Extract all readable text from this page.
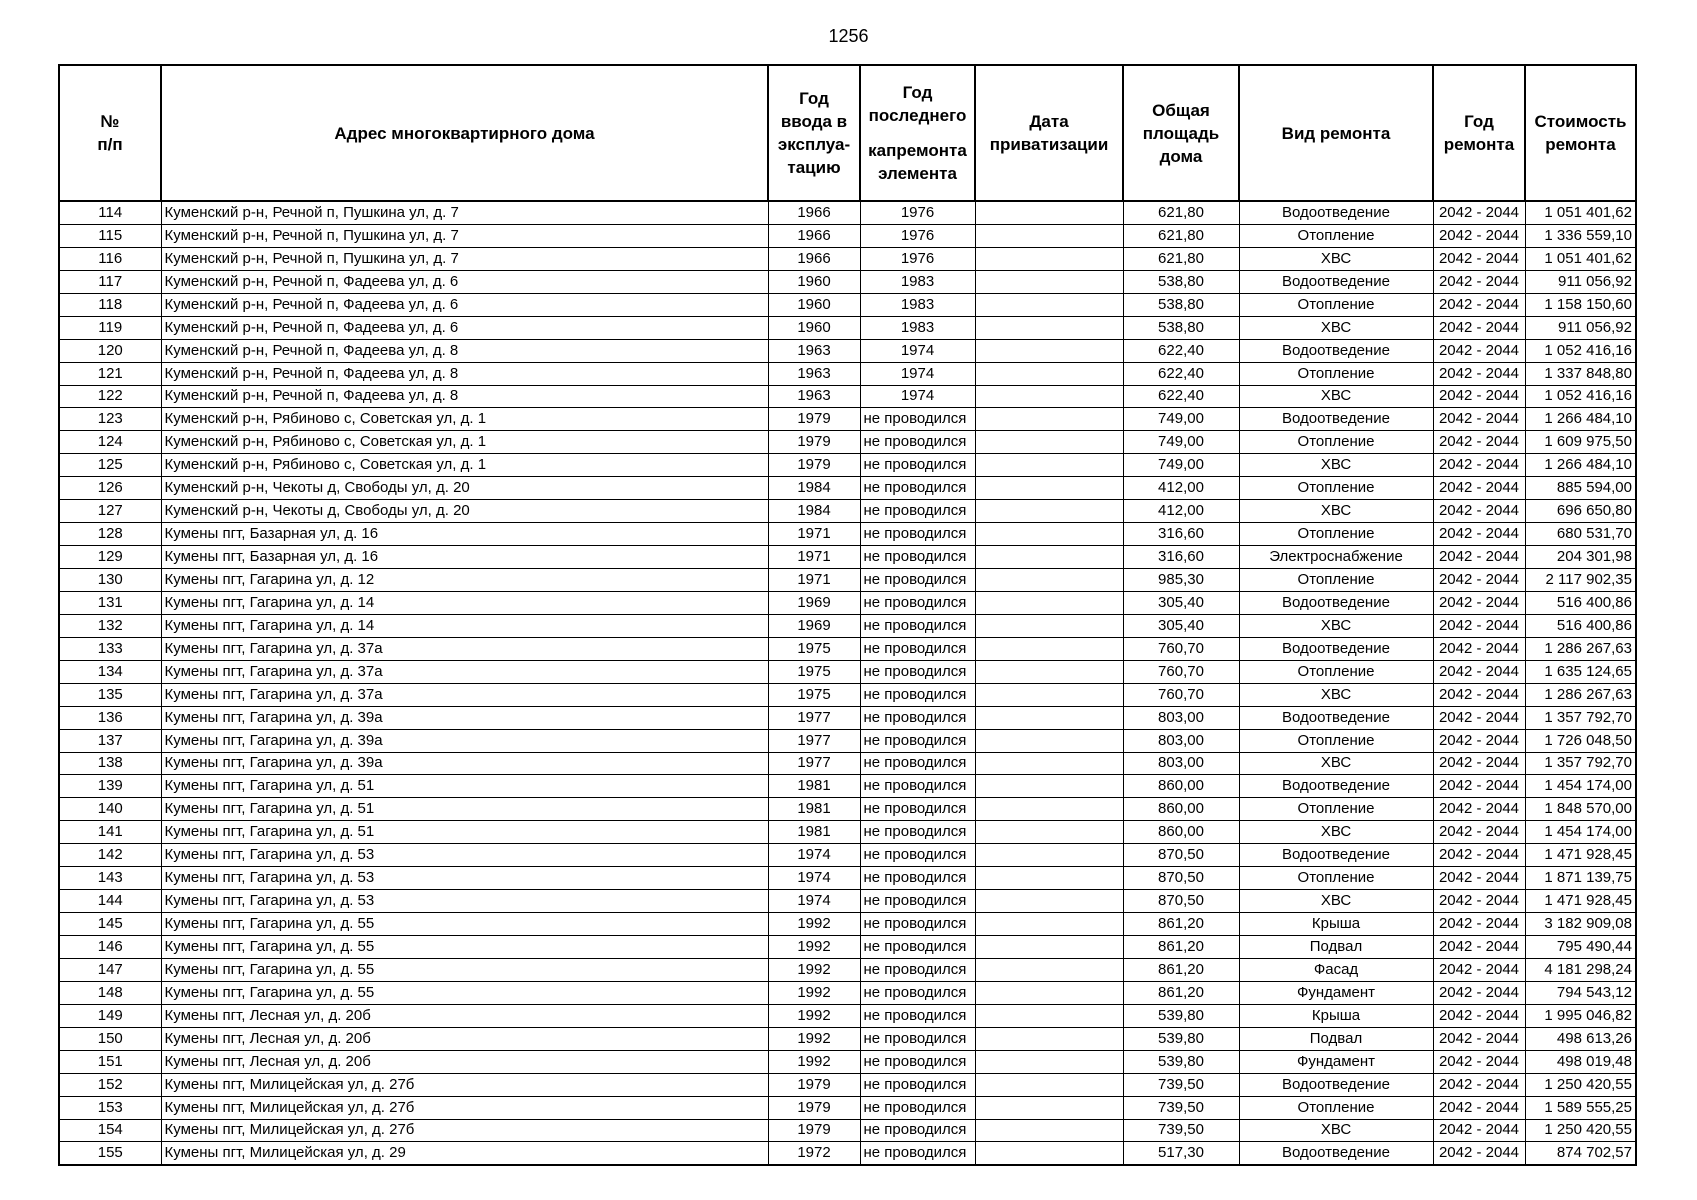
1256
№
п/п	Адрес многоквартирного дома	Год
ввода в
эксплуа-
тацию	Год
последнего
капремонта
элемента	Дата
приватизации	Общая
площадь
дома	Вид ремонта	Год
ремонта	Стоимость
ремонта
114	Куменский р-н, Речной п, Пушкина ул, д. 7	1966	1976		621,80	Водоотведение	2042 - 2044	1 051 401,62
115	Куменский р-н, Речной п, Пушкина ул, д. 7	1966	1976		621,80	Отопление	2042 - 2044	1 336 559,10
116	Куменский р-н, Речной п, Пушкина ул, д. 7	1966	1976		621,80	ХВС	2042 - 2044	1 051 401,62
117	Куменский р-н, Речной п, Фадеева ул, д. 6	1960	1983		538,80	Водоотведение	2042 - 2044	911 056,92
118	Куменский р-н, Речной п, Фадеева ул, д. 6	1960	1983		538,80	Отопление	2042 - 2044	1 158 150,60
119	Куменский р-н, Речной п, Фадеева ул, д. 6	1960	1983		538,80	ХВС	2042 - 2044	911 056,92
120	Куменский р-н, Речной п, Фадеева ул, д. 8	1963	1974		622,40	Водоотведение	2042 - 2044	1 052 416,16
121	Куменский р-н, Речной п, Фадеева ул, д. 8	1963	1974		622,40	Отопление	2042 - 2044	1 337 848,80
122	Куменский р-н, Речной п, Фадеева ул, д. 8	1963	1974		622,40	ХВС	2042 - 2044	1 052 416,16
123	Куменский р-н, Рябиново с, Советская ул, д. 1	1979	не проводился		749,00	Водоотведение	2042 - 2044	1 266 484,10
124	Куменский р-н, Рябиново с, Советская ул, д. 1	1979	не проводился		749,00	Отопление	2042 - 2044	1 609 975,50
125	Куменский р-н, Рябиново с, Советская ул, д. 1	1979	не проводился		749,00	ХВС	2042 - 2044	1 266 484,10
126	Куменский р-н, Чекоты д, Свободы ул, д. 20	1984	не проводился		412,00	Отопление	2042 - 2044	885 594,00
127	Куменский р-н, Чекоты д, Свободы ул, д. 20	1984	не проводился		412,00	ХВС	2042 - 2044	696 650,80
128	Кумены пгт, Базарная ул, д. 16	1971	не проводился		316,60	Отопление	2042 - 2044	680 531,70
129	Кумены пгт, Базарная ул, д. 16	1971	не проводился		316,60	Электроснабжение	2042 - 2044	204 301,98
130	Кумены пгт, Гагарина ул, д. 12	1971	не проводился		985,30	Отопление	2042 - 2044	2 117 902,35
131	Кумены пгт, Гагарина ул, д. 14	1969	не проводился		305,40	Водоотведение	2042 - 2044	516 400,86
132	Кумены пгт, Гагарина ул, д. 14	1969	не проводился		305,40	ХВС	2042 - 2044	516 400,86
133	Кумены пгт, Гагарина ул, д. 37а	1975	не проводился		760,70	Водоотведение	2042 - 2044	1 286 267,63
134	Кумены пгт, Гагарина ул, д. 37а	1975	не проводился		760,70	Отопление	2042 - 2044	1 635 124,65
135	Кумены пгт, Гагарина ул, д. 37а	1975	не проводился		760,70	ХВС	2042 - 2044	1 286 267,63
136	Кумены пгт, Гагарина ул, д. 39а	1977	не проводился		803,00	Водоотведение	2042 - 2044	1 357 792,70
137	Кумены пгт, Гагарина ул, д. 39а	1977	не проводился		803,00	Отопление	2042 - 2044	1 726 048,50
138	Кумены пгт, Гагарина ул, д. 39а	1977	не проводился		803,00	ХВС	2042 - 2044	1 357 792,70
139	Кумены пгт, Гагарина ул, д. 51	1981	не проводился		860,00	Водоотведение	2042 - 2044	1 454 174,00
140	Кумены пгт, Гагарина ул, д. 51	1981	не проводился		860,00	Отопление	2042 - 2044	1 848 570,00
141	Кумены пгт, Гагарина ул, д. 51	1981	не проводился		860,00	ХВС	2042 - 2044	1 454 174,00
142	Кумены пгт, Гагарина ул, д. 53	1974	не проводился		870,50	Водоотведение	2042 - 2044	1 471 928,45
143	Кумены пгт, Гагарина ул, д. 53	1974	не проводился		870,50	Отопление	2042 - 2044	1 871 139,75
144	Кумены пгт, Гагарина ул, д. 53	1974	не проводился		870,50	ХВС	2042 - 2044	1 471 928,45
145	Кумены пгт, Гагарина ул, д. 55	1992	не проводился		861,20	Крыша	2042 - 2044	3 182 909,08
146	Кумены пгт, Гагарина ул, д. 55	1992	не проводился		861,20	Подвал	2042 - 2044	795 490,44
147	Кумены пгт, Гагарина ул, д. 55	1992	не проводился		861,20	Фасад	2042 - 2044	4 181 298,24
148	Кумены пгт, Гагарина ул, д. 55	1992	не проводился		861,20	Фундамент	2042 - 2044	794 543,12
149	Кумены пгт, Лесная ул, д. 20б	1992	не проводился		539,80	Крыша	2042 - 2044	1 995 046,82
150	Кумены пгт, Лесная ул, д. 20б	1992	не проводился		539,80	Подвал	2042 - 2044	498 613,26
151	Кумены пгт, Лесная ул, д. 20б	1992	не проводился		539,80	Фундамент	2042 - 2044	498 019,48
152	Кумены пгт, Милицейская ул, д. 27б	1979	не проводился		739,50	Водоотведение	2042 - 2044	1 250 420,55
153	Кумены пгт, Милицейская ул, д. 27б	1979	не проводился		739,50	Отопление	2042 - 2044	1 589 555,25
154	Кумены пгт, Милицейская ул, д. 27б	1979	не проводился		739,50	ХВС	2042 - 2044	1 250 420,55
155	Кумены пгт, Милицейская ул, д. 29	1972	не проводился		517,30	Водоотведение	2042 - 2044	874 702,57
